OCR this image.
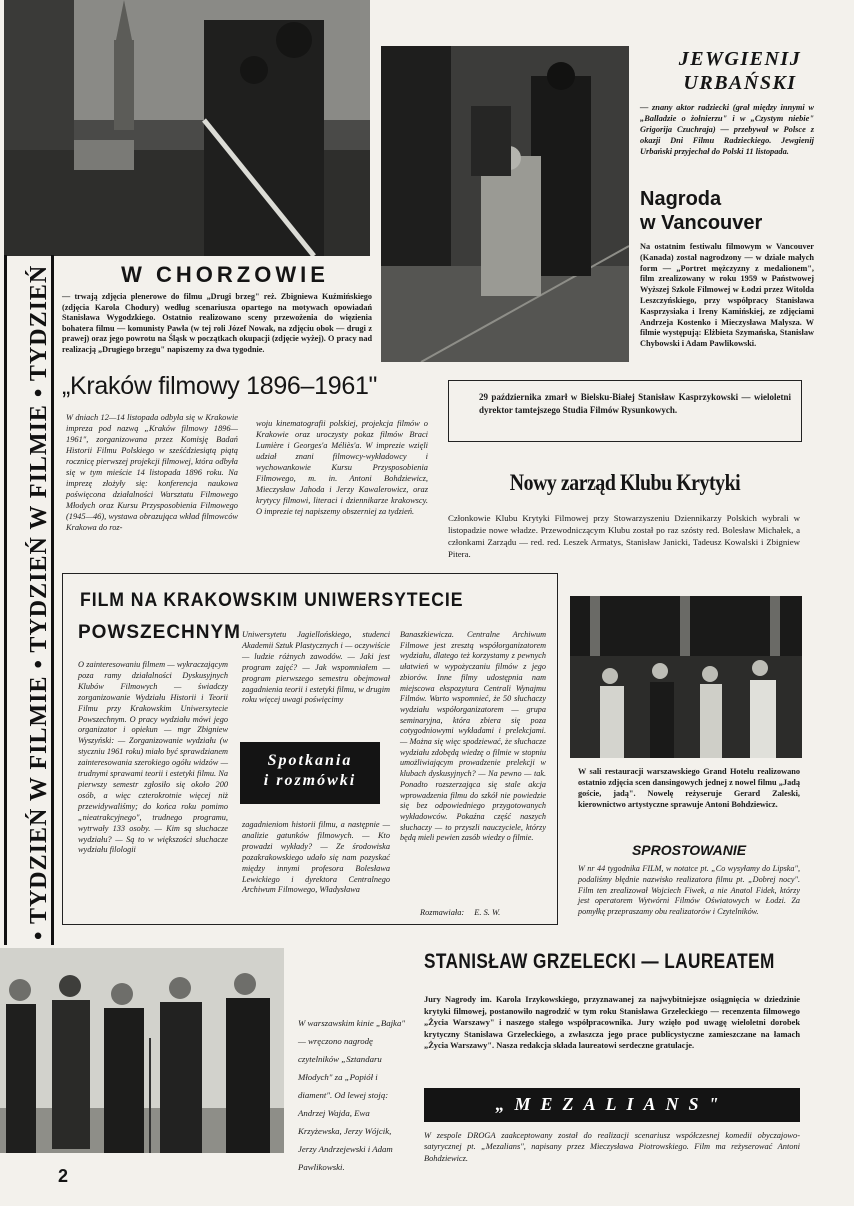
• TYDZIEŃ W FILMIE • TYDZIEŃ W FILMIE • TYDZIEŃ	W CHORZOWIE
— trwają zdjęcia plenerowe do filmu „Drugi brzeg" reż. Zbigniewa Kuźmińskiego (zdjęcia Karola Chodury) według scenariusza opartego na motywach opowiadań Stanisława Wygodzkiego. Ostatnio realizowano sceny przewożenia do więzienia bohatera filmu — komunisty Pawła (w tej roli Józef Nowak, na zdjęciu obok — drugi z prawej) oraz jego powrotu na Śląsk w początkach okupacji (zdjęcie wyżej). O pracy nad realizacją „Drugiego brzegu" napiszemy za dwa tygodnie.
JEWGIENIJ
URBAŃSKI
— znany aktor radziecki (grał między innymi w „Balladzie o żołnierzu" i w „Czystym niebie" Grigorija Czuchraja) — przebywał w Polsce z okazji Dni Filmu Radzieckiego. Jewgienij Urbański przyjechał do Polski 11 listopada.
Nagroda
w Vancouver
Na ostatnim festiwalu filmowym w Vancouver (Kanada) został nagrodzony — w dziale małych form — „Portret mężczyzny z medalionem", film zrealizowany w roku 1959 w Państwowej Wyższej Szkole Filmowej w Łodzi przez Witolda Leszczyńskiego, przy współpracy Stanisława Kasprzysiaka i Ireny Kamińskiej, ze zdjęciami Andrzeja Kostenko i Mieczysława Malysza. W filmie występują: Elżbieta Szymańska, Stanisław Chybowski i Adam Pawlikowski.
„Kraków filmowy 1896–1961"
W dniach 12—14 listopada odbyła się w Krakowie impreza pod nazwą „Kraków filmowy 1896—1961", zorganizowana przez Komisję Badań Historii Filmu Polskiego w sześćdziesiątą piątą rocznicę pierwszej projekcji filmowej, która odbyła się w tym mieście 14 listopada 1896 roku. Na imprezę złożyły się: konferencja naukowa poświęcona działalności Warsztatu Filmowego Młodych oraz Kursu Przysposobienia Filmowego (1945—46), wystawa obrazująca wkład filmowców Krakowa do roz-
woju kinematografii polskiej, projekcja filmów o Krakowie oraz uroczysty pokaz filmów Braci Lumière i Georges'a Méliès'a. W imprezie wzięli udział znani filmowcy-wykładowcy i wychowankowie Kursu Przysposobienia Filmowego, m. in. Antoni Bohdziewicz, Mieczysław Jahoda i Jerzy Kawalerowicz, oraz krytycy filmowi, literaci i dziennikarze krakowscy. O imprezie tej napiszemy obszerniej za tydzień.
29 października zmarł w Bielsku-Białej Stanisław Kasprzykowski — wieloletni dyrektor tamtejszego Studia Filmów Rysunkowych.
Nowy zarząd Klubu Krytyki
Członkowie Klubu Krytyki Filmowej przy Stowarzyszeniu Dziennikarzy Polskich wybrali w listopadzie nowe władze. Przewodniczącym Klubu został po raz szósty red. Bolesław Michałek, a członkami Zarządu — red. red. Leszek Armatys, Stanisław Janicki, Tadeusz Kowalski i Zbigniew Pitera.
FILM NA KRAKOWSKIM UNIWERSYTECIE
POWSZECHNYM
O zainteresowaniu filmem — wykraczającym poza ramy działalności Dyskusyjnych Klubów Filmowych — świadczy zorganizowanie Wydziału Historii i Teorii Filmu przy Krakowskim Uniwersytecie Powszechnym. O pracy wydziału mówi jego organizator i opiekun — mgr Zbigniew Wyszyński: — Zorganizowanie wydziału (w styczniu 1961 roku) miało być sprawdzianem zainteresowania szerokiego ogółu widzów — trudnymi sprawami teorii i estetyki filmu. Na pierwszy semestr zgłosiło się około 200 osób, a więc czterokrotnie więcej niż przewidywaliśmy; do końca roku pomimo „nieatrakcyjnego", trudnego programu, wytrwały 133 osoby. — Kim są słuchacze wydziału? — Są to w większości słuchacze wydziału filologii
Uniwersytetu Jagiellońskiego, studenci Akademii Sztuk Plastycznych i — oczywiście — ludzie różnych zawodów. — Jaki jest program zajęć? — Jak wspomniałem — program pierwszego semestru obejmował zagadnienia teorii i estetyki filmu, w drugim roku więcej uwagi poświęcimy
Spotkania
i rozmówki
zagadnieniom historii filmu, a następnie — analizie gatunków filmowych. — Kto prowadzi wykłady? — Ze środowiska pozakrakowskiego udało się nam pozyskać między innymi profesora Bolesława Lewickiego i dyrektora Centralnego Archiwum Filmowego, Władysława
Banaszkiewicza. Centralne Archiwum Filmowe jest zresztą współorganizatorem wydziału, dlatego też korzystamy z pewnych ułatwień w wypożyczaniu filmów z jego zbiorów. Inne filmy udostępnia nam miejscowa ekspozytura Centrali Wynajmu Filmów. Warto wspomnieć, że 50 słuchaczy wydziału współorganizatorem — grupa seminaryjna, która zbiera się poza cotygodniowymi wykładami i prelekcjami. — Można się więc spodziewać, że słuchacze wydziału zdobędą wiedzę o filmie w stopniu umożliwiającym prowadzenie prelekcji w klubach dyskusyjnych? — Na pewno — tak. Ponadto rozszerzająca się stale akcja wprowadzenia filmu do szkół nie powiedzie się bez odpowiedniego przygotowanych wykładowców. Pokaźna część naszych słuchaczy — to przyszli nauczyciele, którzy będą mieli pewien zasób wiedzy o filmie.
Rozmawiała: E. S. W.
W sali restauracji warszawskiego Grand Hotelu realizowano ostatnio zdjęcia scen dansingowych jednej z nowel filmu „Jadą goście, jadą". Nowelę reżyseruje Gerard Zaleski, kierownictwo artystyczne sprawuje Antoni Bohdziewicz.
SPROSTOWANIE
W nr 44 tygodnika FILM, w notatce pt. „Co wysyłamy do Lipska", podaliśmy błędnie nazwisko realizatora filmu pt. „Dobrej nocy". Film ten zrealizował Wojciech Fiwek, a nie Anatol Fidek, którzy jest operatorem Wytwórni Filmów Oświatowych w Łodzi. Za pomyłkę przepraszamy obu realizatorów i Czytelników.
W warszawskim kinie „Bajka" — wręczono nagrodę czytelników „Sztandaru Młodych" za „Popiół i diament". Od lewej stoją: Andrzej Wajda, Ewa Krzyżewska, Jerzy Wójcik, Jerzy Andrzejewski i Adam Pawlikowski.
STANISŁAW GRZELECKI — LAUREATEM
Jury Nagrody im. Karola Irzykowskiego, przyznawanej za najwybitniejsze osiągnięcia w dziedzinie krytyki filmowej, postanowiło nagrodzić w tym roku Stanisława Grzeleckiego — recenzenta filmowego „Życia Warszawy" i naszego stałego współpracownika. Jury wzięło pod uwagę wieloletni dorobek krytyczny Stanisława Grzeleckiego, a zwłaszcza jego prace publicystyczne zamieszczane na łamach „Życia Warszawy". Nasza redakcja składa laureatowi serdeczne gratulacje.
„MEZALIANS"
W zespole DROGA zaakceptowany został do realizacji scenariusz współczesnej komedii obyczajowo-satyrycznej pt. „Mezalians", napisany przez Mieczysława Piotrowskiego. Film ma reżyserować Antoni Bohdziewicz.
2
